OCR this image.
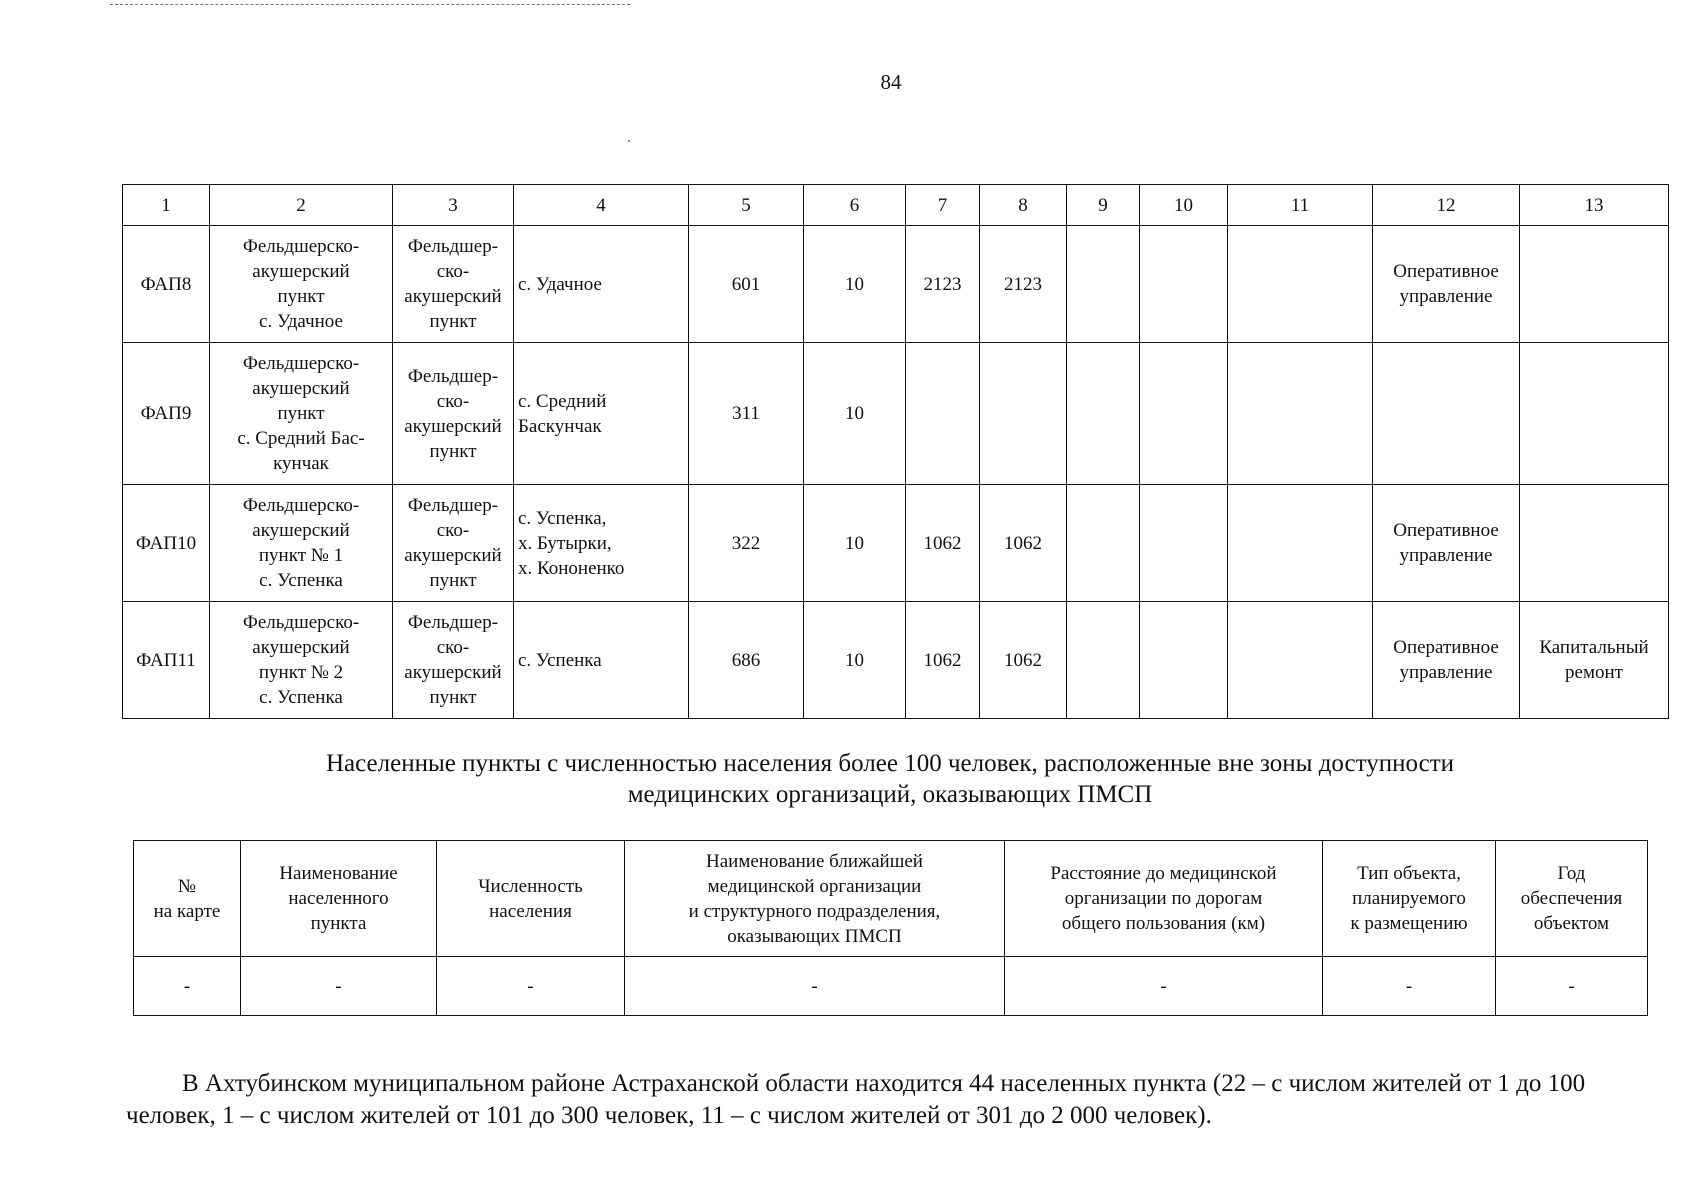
84
1	2	3	4	5	6	7	8	9	10	11	12	13
ФАП8	Фельдшерско-
акушерский
пункт
с. Удачное	Фельдшер-
ско-
акушерский
пункт	с. Удачное	601	10	2123	2123				Оперативное
управление	

ФАП9	Фельдшерско-
акушерский
пункт
с. Средний Бас-
кунчак	Фельдшер-
ско-
акушерский
пункт	с. Средний
Баскунчак	311	10							
ФАП10	Фельдшерско-
акушерский
пункт № 1
с. Успенка	Фельдшер-
ско-
акушерский
пункт	с. Успенка,
х. Бутырки,
х. Кононенко	322	10	1062	1062				Оперативное
управление	

ФАП11	Фельдшерско-
акушерский
пункт № 2
с. Успенка	Фельдшер-
ско-
акушерский
пункт	с. Успенка	686	10	1062	1062				Оперативное
управление	Капитальный
ремонт
Населенные пункты с численностью населения более 100 человек, расположенные вне зоны доступности
медицинских организаций, оказывающих ПМСП
№
на карте	Наименование
населенного
пункта	Численность
населения	Наименование ближайшей
медицинской организации
и структурного подразделения,
оказывающих ПМСП	Расстояние до медицинской
организации по дорогам
общего пользования (км)	Тип объекта,
планируемого
к размещению	Год
обеспечения
объектом

-	-	-	-	-	-	-

В Ахтубинском муниципальном районе Астраханской области находится 44 населенных пункта (22 – с числом жителей от 1 до 100 человек, 1 – с числом жителей от 101 до 300 человек, 11 – с числом жителей от 301 до 2 000 человек).
